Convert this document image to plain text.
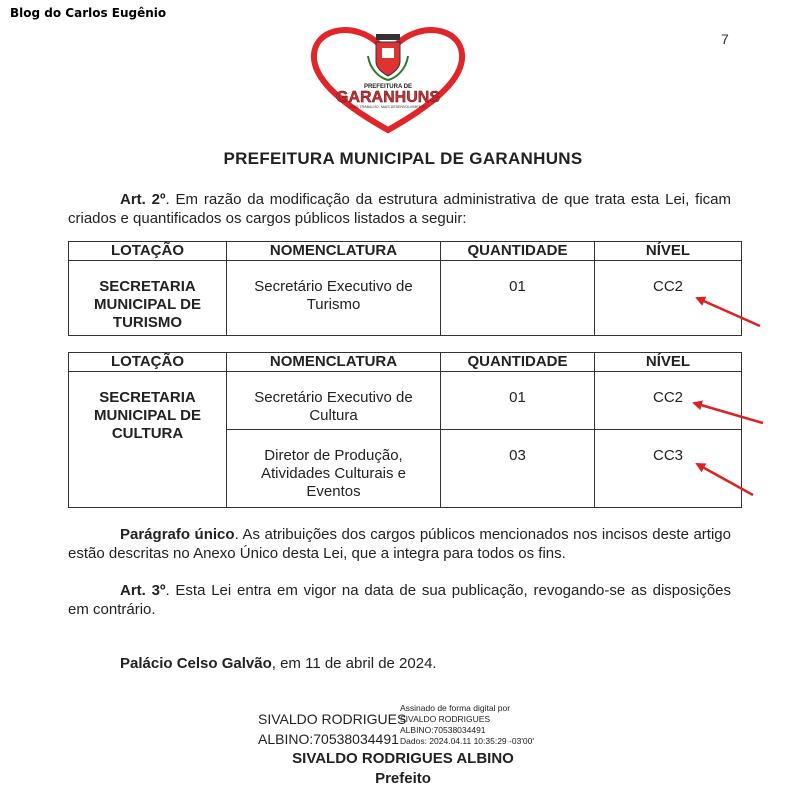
Blog do Carlos Eugênio
7
PREFEITURA DE
GARANHUNS
MAIS TRABALHO, MAIS DESENVOLVIMENTO
PREFEITURA MUNICIPAL DE GARANHUNS

Art. 2º. Em razão da modificação da estrutura administrativa de que trata esta Lei, ficam criados e quantificados os cargos públicos listados a seguir:

LOTAÇÃO	NOMENCLATURA	QUANTIDADE	NÍVEL
SECRETARIA MUNICIPAL DE TURISMO	Secretário Executivo de Turismo	01	CC2
LOTAÇÃO	NOMENCLATURA	QUANTIDADE	NÍVEL
SECRETARIA MUNICIPAL DE CULTURA	Secretário Executivo de Cultura	01	CC2
	Diretor de Produção, Atividades Culturais e Eventos	03	CC3

Parágrafo único. As atribuições dos cargos públicos mencionados nos incisos deste artigo estão descritas no Anexo Único desta Lei, que a integra para todos os fins.

Art. 3º. Esta Lei entra em vigor na data de sua publicação, revogando-se as disposições em contrário.

Palácio Celso Galvão, em 11 de abril de 2024.

SIVALDO RODRIGUES
ALBINO:70538034491
Assinado de forma digital por
SIVALDO RODRIGUES
ALBINO:70538034491
Dados: 2024.04.11 10:35:29 -03'00'
SIVALDO RODRIGUES ALBINO
Prefeito
